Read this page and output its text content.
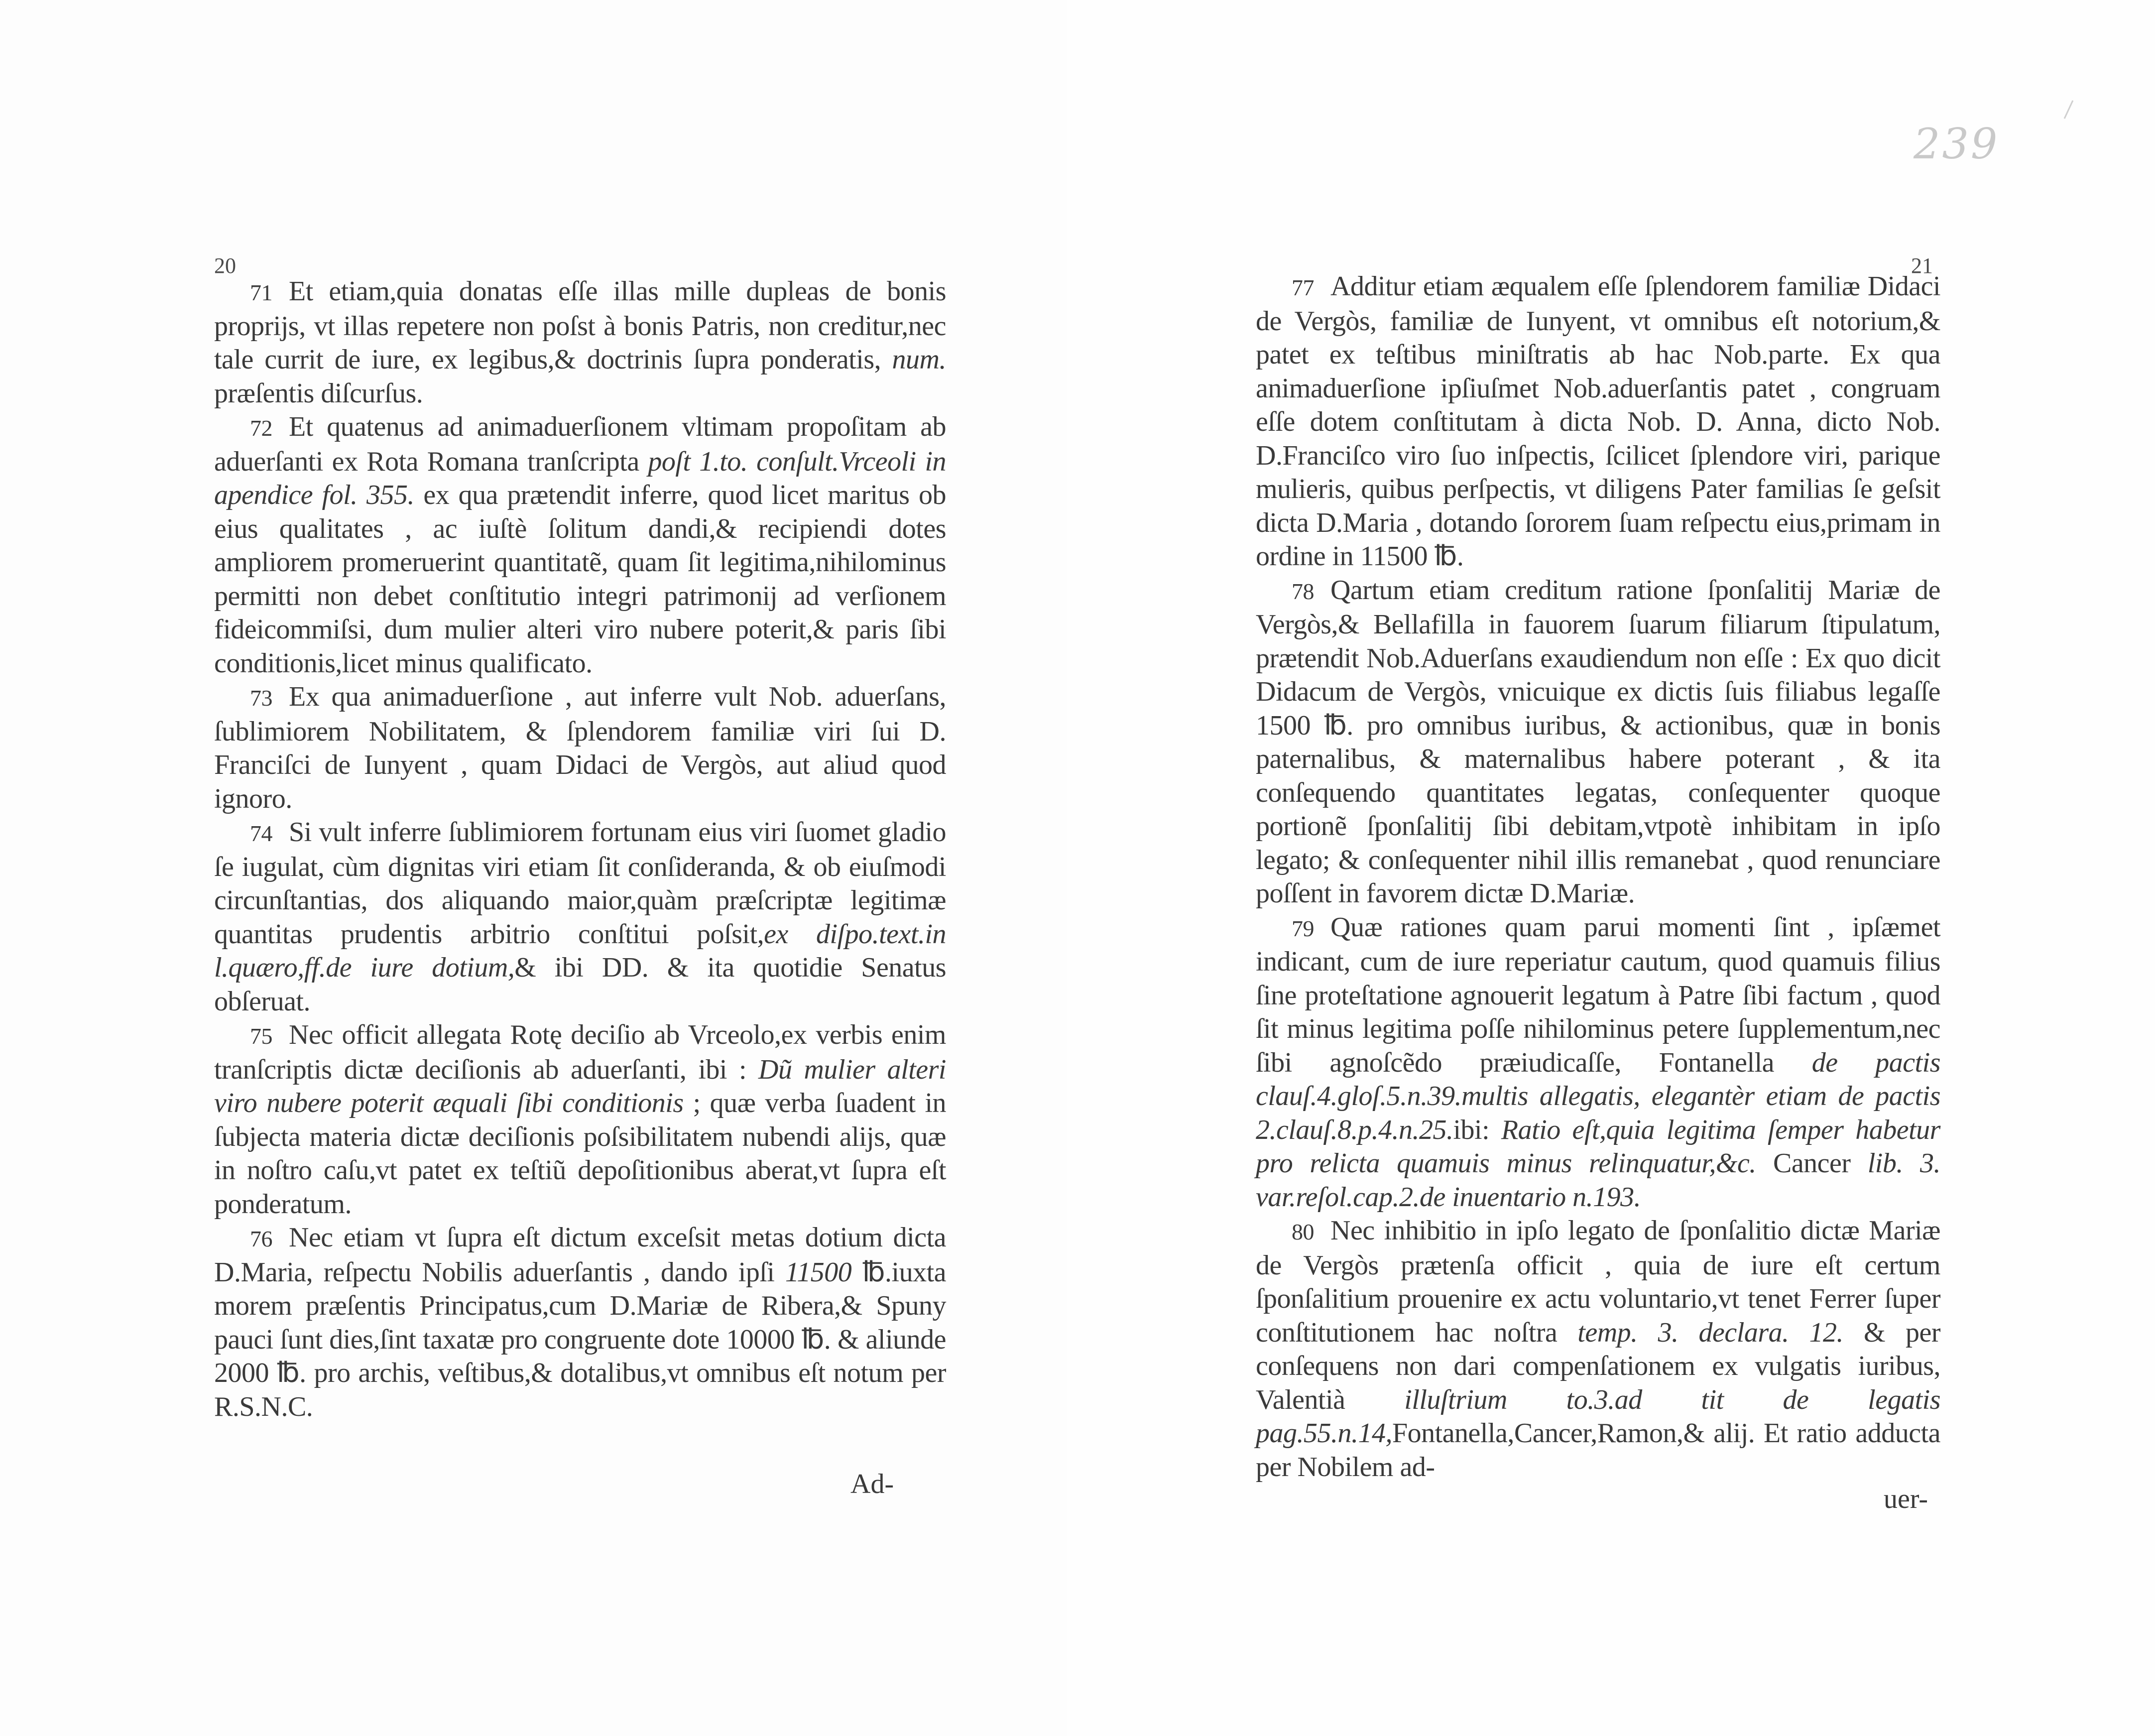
20

71 Et etiam,quia donatas eſſe illas mille dupleas de bonis proprijs, vt illas repetere non poſst à bonis Patris, non creditur,nec tale currit de iure, ex legibus,& doctrinis ſupra ponderatis, num. præſentis diſcurſus.

72 Et quatenus ad animaduerſionem vltimam propoſitam ab aduerſanti ex Rota Romana tranſcripta poſt 1.to. conſult.Vrceoli in apendice fol. 355. ex qua prætendit inferre, quod licet maritus ob eius qualitates , ac iuſtè ſolitum dandi,& recipiendi dotes ampliorem promeruerint quantitatẽ, quam ſit legitima,nihilominus permitti non debet conſtitutio integri patrimonij ad verſionem fideicommiſsi, dum mulier alteri viro nubere poterit,& paris ſibi conditionis,licet minus qualificato.

73 Ex qua animaduerſione , aut inferre vult Nob. aduerſans, ſublimiorem Nobilitatem, & ſplendorem familiæ viri ſui D. Franciſci de Iunyent , quam Didaci de Vergòs, aut aliud quod ignoro.

74 Si vult inferre ſublimiorem fortunam eius viri ſuomet gladio ſe iugulat, cùm dignitas viri etiam ſit conſideranda, & ob eiuſmodi circunſtantias, dos aliquando maior,quàm præſcriptæ legitimæ quantitas prudentis arbitrio conſtitui poſsit,ex diſpo.text.in l.quæro,ff.de iure dotium,& ibi DD. & ita quotidie Senatus obſeruat.

75 Nec officit allegata Rotę deciſio ab Vrceolo,ex verbis enim tranſcriptis dictæ deciſionis ab aduerſanti, ibi : Dũ mulier alteri viro nubere poterit æquali ſibi conditionis ; quæ verba ſuadent in ſubjecta materia dictæ deciſionis poſsibilitatem nubendi alijs, quæ in noſtro caſu,vt patet ex teſtiũ depoſitionibus aberat,vt ſupra eſt ponderatum.

76 Nec etiam vt ſupra eſt dictum exceſsit metas dotium dicta D.Maria, reſpectu Nobilis aduerſantis , dando ipſi 11500 ℔.iuxta morem præſentis Principatus,cum D.Mariæ de Ribera,& Spuny pauci ſunt dies,ſint taxatæ pro congruente dote 10000 ℔. & aliunde 2000 ℔. pro archis, veſtibus,& dotalibus,vt omnibus eſt notum per R.S.N.C.

Ad-
239
21
uer-

77 Additur etiam æqualem eſſe ſplendorem familiæ Didaci de Vergòs, familiæ de Iunyent, vt omnibus eſt notorium,& patet ex teſtibus miniſtratis ab hac Nob.parte. Ex qua animaduerſione ipſiuſmet Nob.aduerſantis patet , congruam eſſe dotem conſtitutam à dicta Nob. D. Anna, dicto Nob. D.Franciſco viro ſuo inſpectis, ſcilicet ſplendore viri, parique mulieris, quibus perſpectis, vt diligens Pater familias ſe geſsit dicta D.Maria , dotando ſororem ſuam reſpectu eius,primam in ordine in 11500 ℔.

78 Qartum etiam creditum ratione ſponſalitij Mariæ de Vergòs,& Bellafilla in fauorem ſuarum filiarum ſtipulatum, prætendit Nob.Aduerſans exaudiendum non eſſe : Ex quo dicit Didacum de Vergòs, vnicuique ex dictis ſuis filiabus legaſſe 1500 ℔. pro omnibus iuribus, & actionibus, quæ in bonis paternalibus, & maternalibus habere poterant , & ita conſequendo quantitates legatas, conſequenter quoque portionẽ ſponſalitij ſibi debitam,vtpotè inhibitam in ipſo legato; & conſequenter nihil illis remanebat , quod renunciare poſſent in favorem dictæ D.Mariæ.

79 Quæ rationes quam parui momenti ſint , ipſæmet indicant, cum de iure reperiatur cautum, quod quamuis filius ſine proteſtatione agnouerit legatum à Patre ſibi factum , quod ſit minus legitima poſſe nihilominus petere ſupplementum,nec ſibi agnoſcẽdo præiudicaſſe, Fontanella de pactis clauſ.4.gloſ.5.n.39.multis allegatis, elegantèr etiam de pactis 2.clauſ.8.p.4.n.25.ibi: Ratio eſt,quia legitima ſemper habetur pro relicta quamuis minus relinquatur,&c. Cancer lib. 3. var.reſol.cap.2.de inuentario n.193.

80 Nec inhibitio in ipſo legato de ſponſalitio dictæ Mariæ de Vergòs prætenſa officit , quia de iure eſt certum ſponſalitium prouenire ex actu voluntario,vt tenet Ferrer ſuper conſtitutionem hac noſtra temp. 3. declara. 12. & per conſequens non dari compenſationem ex vulgatis iuribus, Valentià illuſtrium to.3.ad tit de legatis pag.55.n.14,Fontanella,Cancer,Ramon,& alij. Et ratio adducta per Nobilem ad-
